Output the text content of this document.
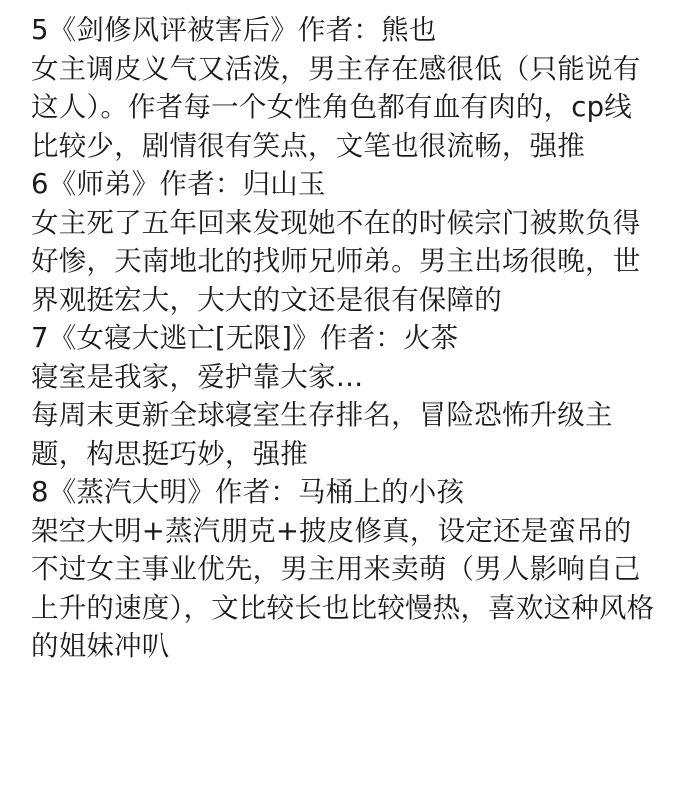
5《剑修风评被害后》作者：熊也
女主调皮义气又活泼，男主存在感很低（只能说有
这人）。作者每一个女性角色都有血有肉的，cp线
比较少，剧情很有笑点，文笔也很流畅，强推
6《师弟》作者：归山玉
女主死了五年回来发现她不在的时候宗门被欺负得
好惨，天南地北的找师兄师弟。男主出场很晚，世
界观挺宏大，大大的文还是很有保障的
7《女寝大逃亡[无限]》作者：火茶
寝室是我家，爱护靠大家…
每周末更新全球寝室生存排名，冒险恐怖升级主
题，构思挺巧妙，强推
8《蒸汽大明》作者：马桶上的小孩
架空大明+蒸汽朋克+披皮修真，设定还是蛮吊的
不过女主事业优先，男主用来卖萌（男人影响自己
上升的速度），文比较长也比较慢热，喜欢这种风格
的姐妹冲叭
